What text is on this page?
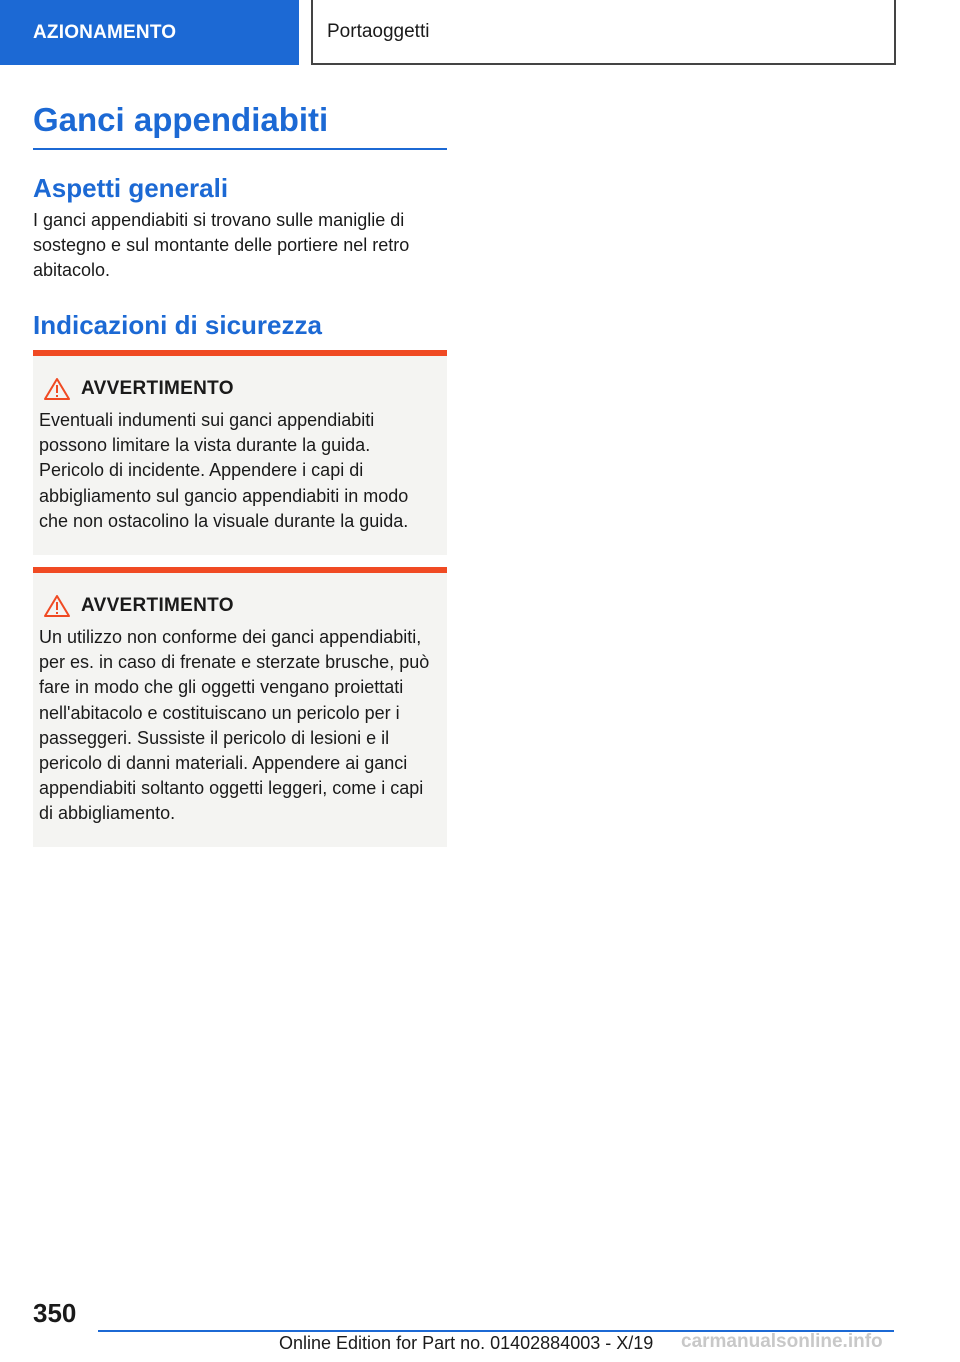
AZIONAMENTO	Portaoggetti
Ganci appendiabiti
Aspetti generali

I ganci appendiabiti si trovano sulle maniglie di sostegno e sul montante delle portiere nel retro abitacolo.

Indicazioni di sicurezza
AVVERTIMENTO

Eventuali indumenti sui ganci appendiabiti possono limitare la vista durante la guida. Pericolo di incidente. Appendere i capi di abbigliamento sul gancio appendiabiti in modo che non ostacolino la visuale durante la guida.

AVVERTIMENTO

Un utilizzo non conforme dei ganci appendiabiti, per es. in caso di frenate e sterzate brusche, può fare in modo che gli oggetti vengano proiettati nell'abitacolo e costituiscano un pericolo per i passeggeri. Sussiste il pericolo di lesioni e il pericolo di danni materiali. Appendere ai ganci appendiabiti soltanto oggetti leggeri, come i capi di abbigliamento.

350
Online Edition for Part no. 01402884003 - X/19 carmanualsonline.info
